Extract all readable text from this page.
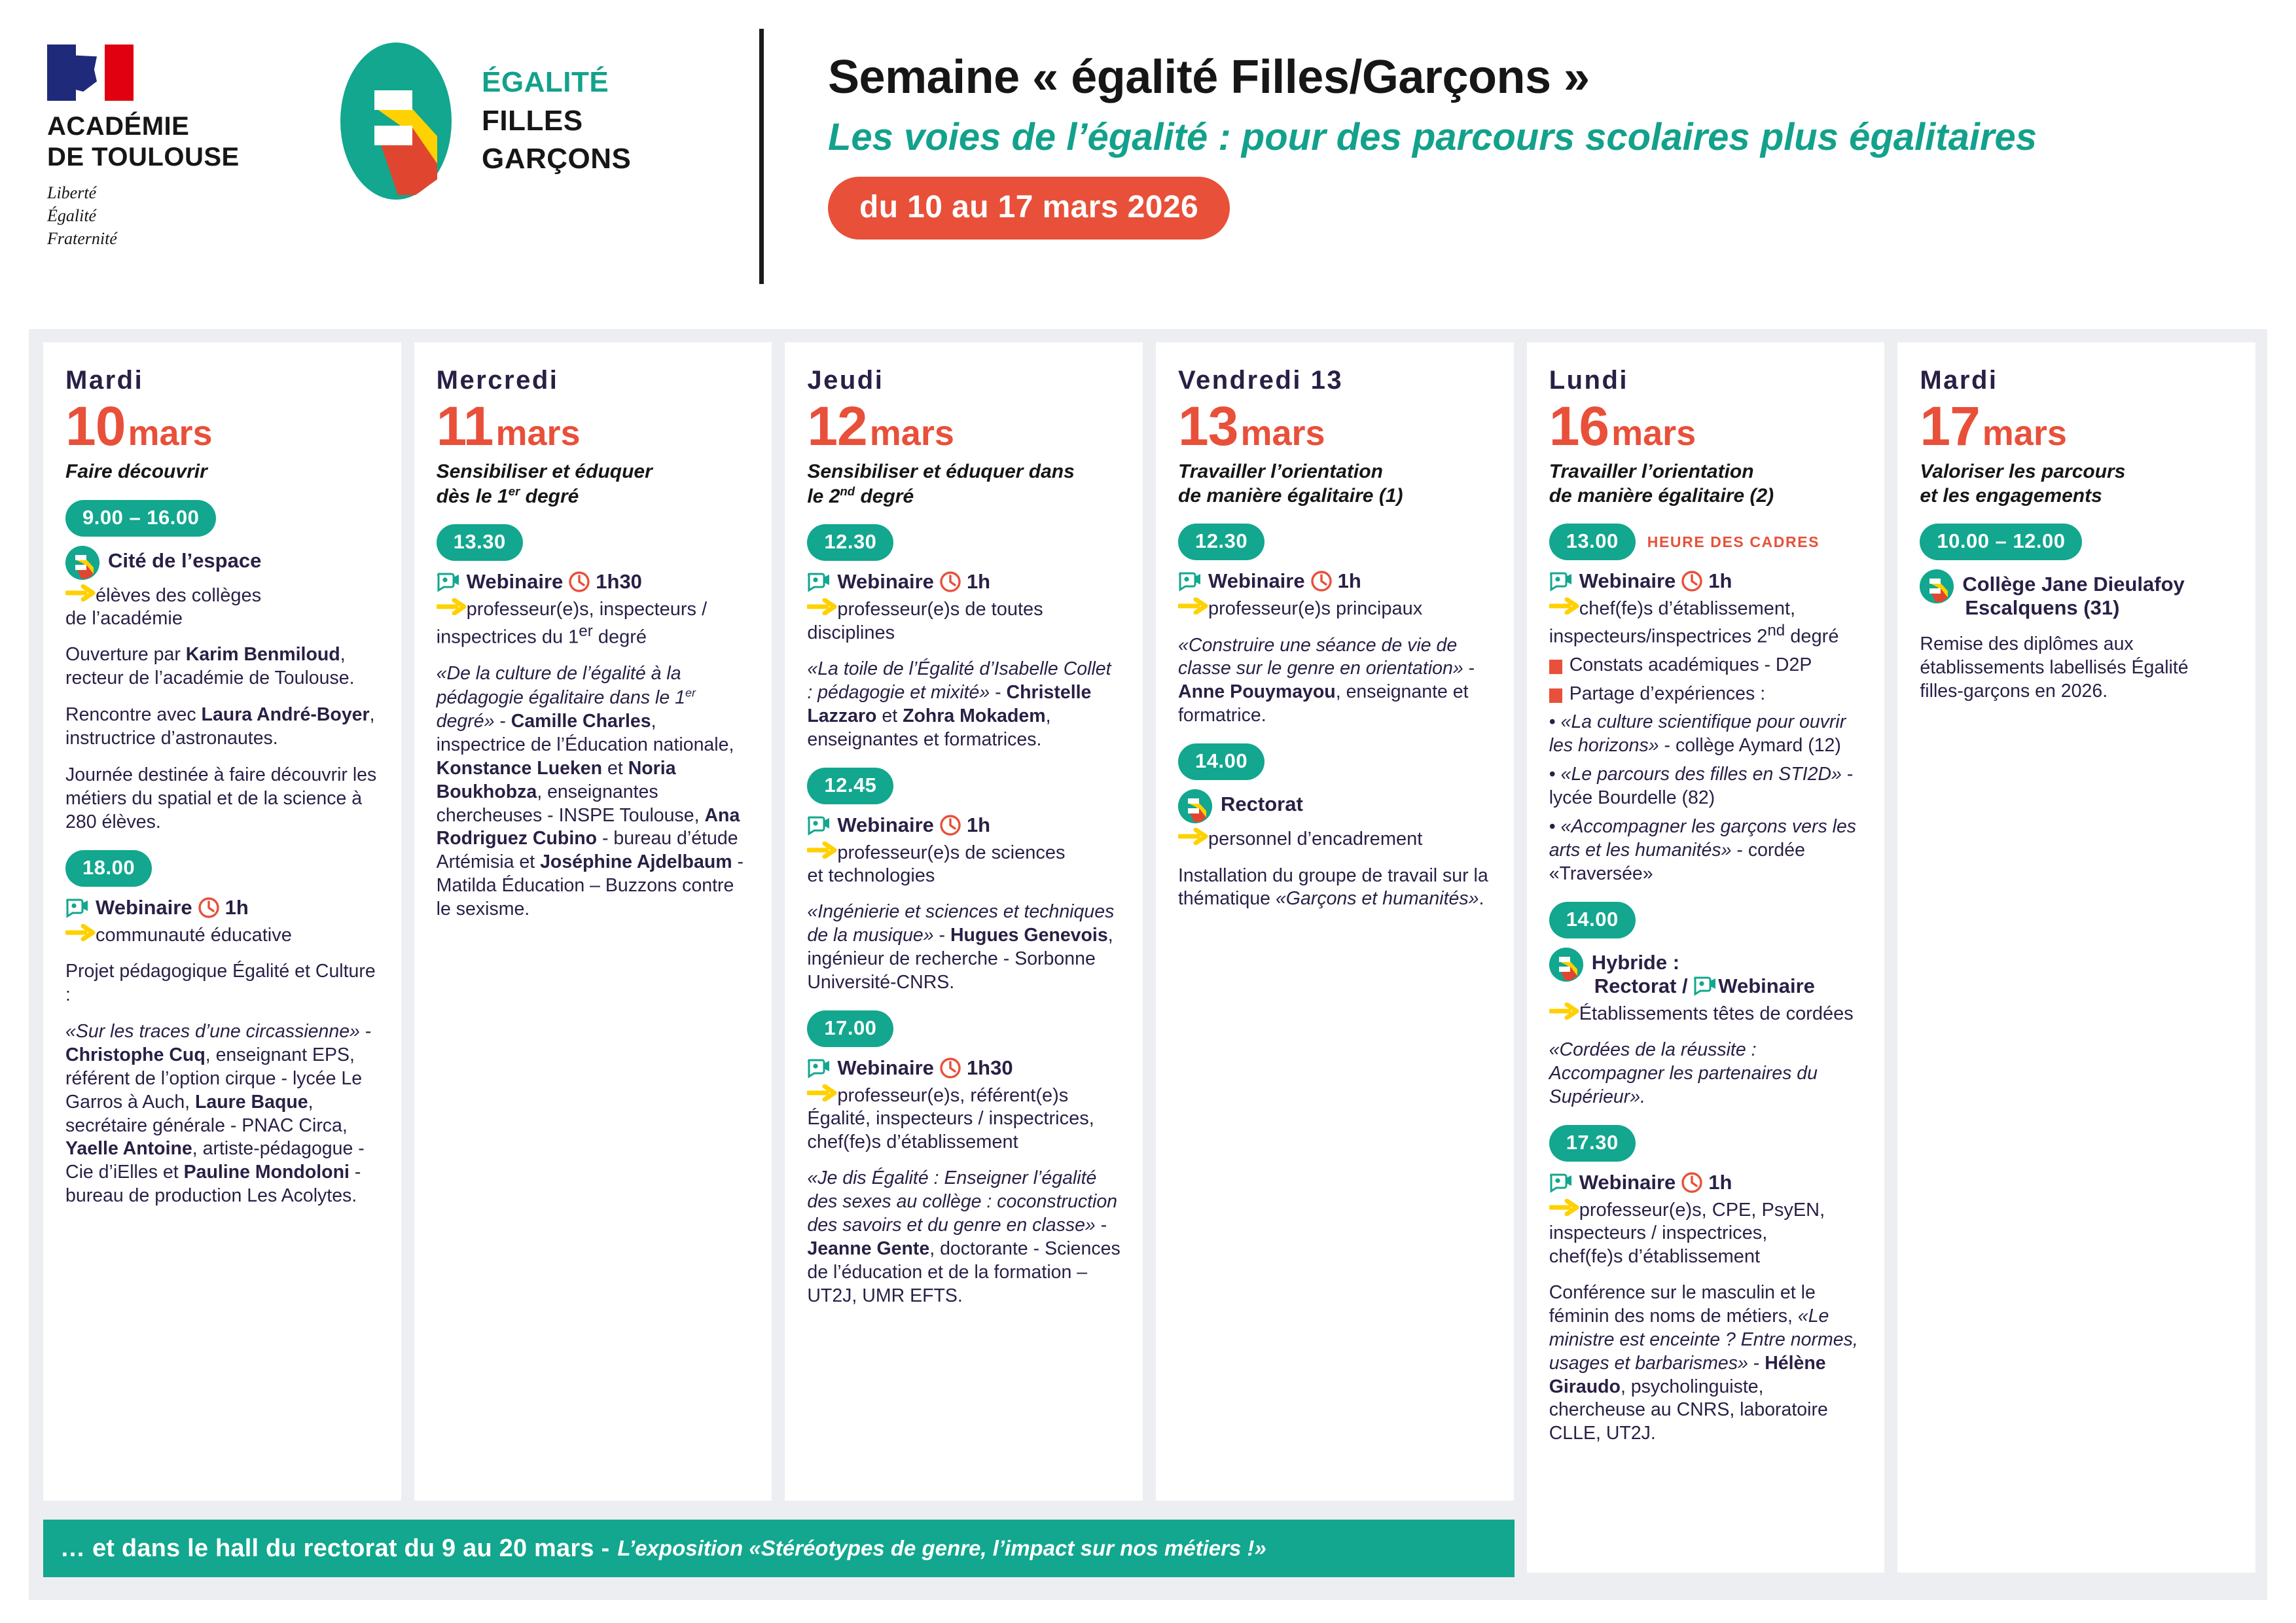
ACADÉMIE
DE TOULOUSE
Liberté
Égalité
Fraternité
ÉGALITÉ
FILLES
GARÇONS
Semaine « égalité Filles/Garçons »
Les voies de l’égalité : pour des parcours scolaires plus égalitaires
du 10 au 17 mars 2026
Mardi
10mars
Faire découvrir
9.00 – 16.00
Cité de l’espace
élèves des collèges
de l’académie
Ouverture par Karim Benmiloud, recteur de l’académie de Toulouse.
Rencontre avec Laura André-Boyer, instructrice d’astronautes.
Journée destinée à faire découvrir les métiers du spatial et de la science à 280 élèves.
18.00
Webinaire 1h
communauté éducative
Projet pédagogique Égalité et Culture :
«Sur les traces d’une circassienne» - Christophe Cuq, enseignant EPS, référent de l’option cirque - lycée Le Garros à Auch, Laure Baque, secrétaire générale - PNAC Circa, Yaelle Antoine, artiste-pédagogue - Cie d’iElles et Pauline Mondoloni - bureau de production Les Acolytes.
Mercredi
11mars
Sensibiliser et éduquer
dès le 1er degré
13.30
Webinaire 1h30
professeur(e)s, inspecteurs /
inspectrices du 1er degré
«De la culture de l’égalité à la pédagogie égalitaire dans le 1er degré» - Camille Charles, inspectrice de l’Éducation nationale, Konstance Lueken et Noria Boukhobza, enseignantes chercheuses - INSPE Toulouse, Ana Rodriguez Cubino - bureau d’étude Artémisia et Joséphine Ajdelbaum - Matilda Éducation – Buzzons contre le sexisme.
Jeudi
12mars
Sensibiliser et éduquer dans
le 2nd degré
12.30
Webinaire 1h
professeur(e)s de toutes
disciplines
«La toile de l’Égalité d’Isabelle Collet : pédagogie et mixité» - Christelle Lazzaro et Zohra Mokadem, enseignantes et formatrices.
12.45
Webinaire 1h
professeur(e)s de sciences
et technologies
«Ingénierie et sciences et techniques de la musique» - Hugues Genevois, ingénieur de recherche - Sorbonne Université-CNRS.
17.00
Webinaire 1h30
professeur(e)s, référent(e)s
Égalité, inspecteurs / inspectrices,
chef(fe)s d’établissement
«Je dis Égalité : Enseigner l’égalité des sexes au collège : coconstruction des savoirs et du genre en classe» - Jeanne Gente, doctorante - Sciences de l’éducation et de la formation – UT2J, UMR EFTS.
Vendredi 13
13mars
Travailler l’orientation
de manière égalitaire (1)
12.30
Webinaire 1h
professeur(e)s principaux
«Construire une séance de vie de classe sur le genre en orientation» - Anne Pouymayou, enseignante et formatrice.
14.00
Rectorat
personnel d’encadrement
Installation du groupe de travail sur la thématique «Garçons et humanités».
Lundi
16mars
Travailler l’orientation
de manière égalitaire (2)
13.00	HEURE DES CADRES
Webinaire 1h
chef(fe)s d’établissement,
inspecteurs/inspectrices 2nd degré
Constats académiques - D2P
Partage d’expériences :
• «La culture scientifique pour ouvrir les horizons» - collège Aymard (12)
• «Le parcours des filles en STI2D» - lycée Bourdelle (82)
• «Accompagner les garçons vers les arts et les humanités» - cordée «Traversée»
14.00
Hybride :
Rectorat / Webinaire
Établissements têtes de cordées
«Cordées de la réussite : Accompagner les partenaires du Supérieur».
17.30
Webinaire 1h
professeur(e)s, CPE, PsyEN,
inspecteurs / inspectrices,
chef(fe)s d’établissement
Conférence sur le masculin et le féminin des noms de métiers, «Le ministre est enceinte ? Entre normes, usages et barbarismes» - Hélène Giraudo, psycholinguiste, chercheuse au CNRS, laboratoire CLLE, UT2J.
Mardi
17mars
Valoriser les parcours
et les engagements
10.00 – 12.00
Collège Jane Dieulafoy
Escalquens (31)
Remise des diplômes aux établissements labellisés Égalité filles-garçons en 2026.
… et dans le hall du rectorat du 9 au 20 mars - L’exposition «Stéréotypes de genre, l’impact sur nos métiers !»
